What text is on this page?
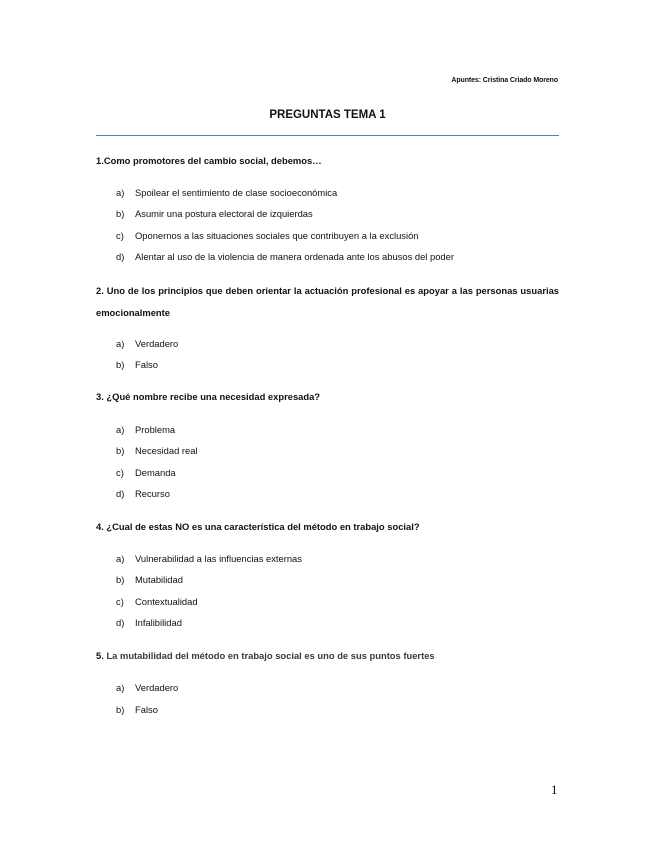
Apuntes: Cristina Criado Moreno
PREGUNTAS TEMA 1
1.Como promotores del cambio social, debemos…
a) Spoilear el sentimiento de clase socioeconómica
b) Asumir una postura electoral de izquierdas
c) Oponernos a las situaciones sociales que contribuyen a la exclusión
d) Alentar al uso de la violencia de manera ordenada ante los abusos del poder
2. Uno de los principios que deben orientar la actuación profesional es apoyar a las personas usuarias emocionalmente
a) Verdadero
b) Falso
3. ¿Qué nombre recibe una necesidad expresada?
a) Problema
b) Necesidad real
c) Demanda
d) Recurso
4. ¿Cual de estas NO es una característica del método en trabajo social?
a) Vulnerabilidad a las influencias externas
b) Mutabilidad
c) Contextualidad
d) Infalibilidad
5. La mutabilidad del método en trabajo social es uno de sus puntos fuertes
a) Verdadero
b) Falso
1
